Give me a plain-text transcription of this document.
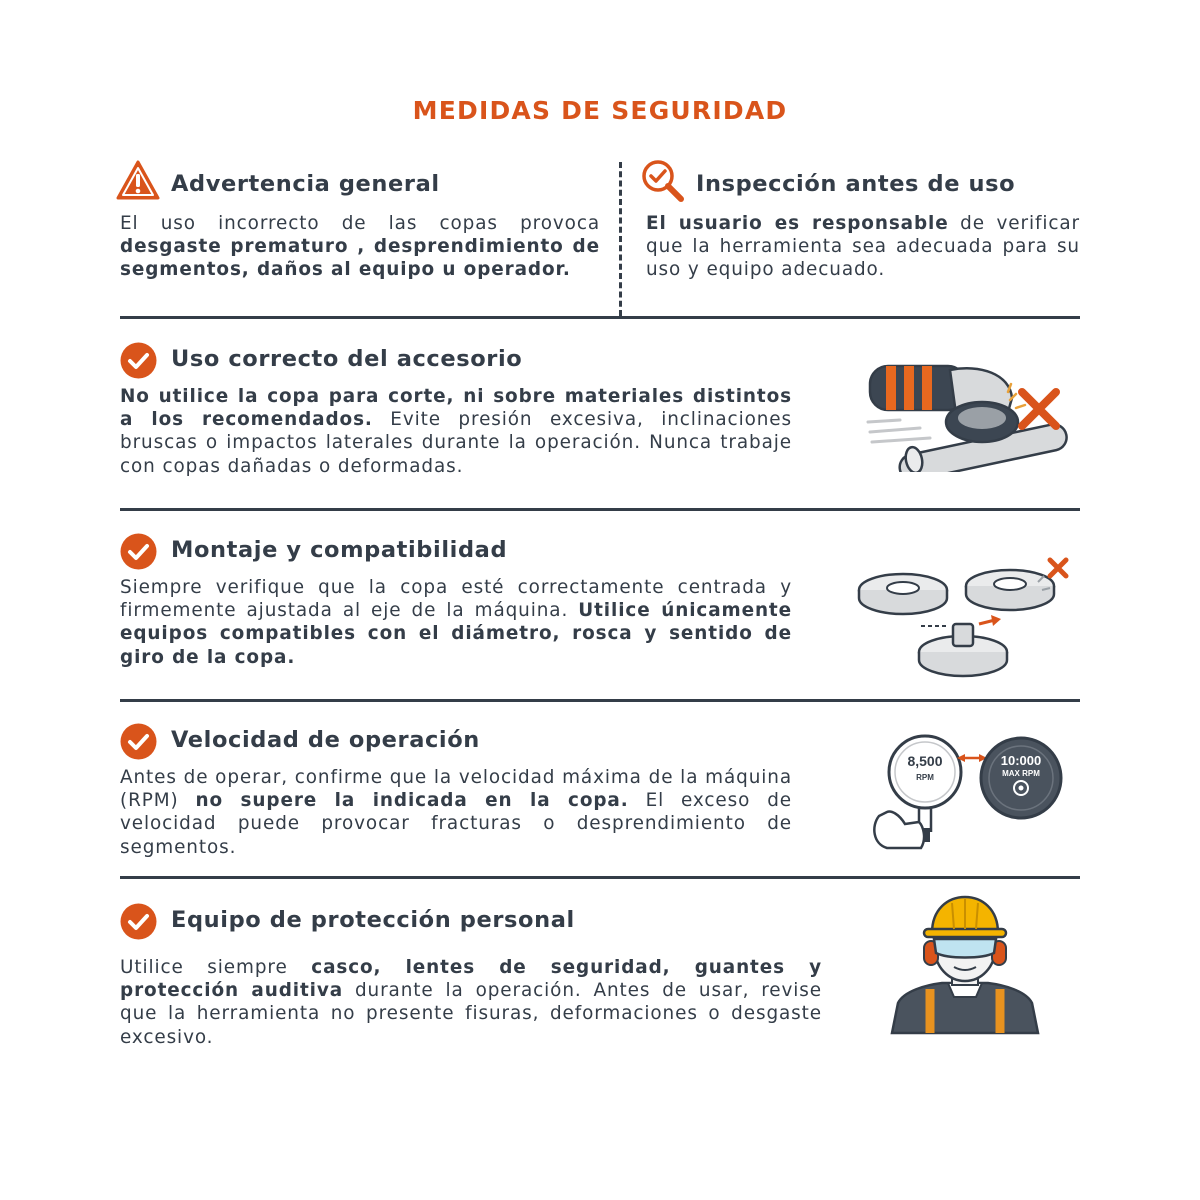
MEDIDAS DE SEGURIDAD
Advertencia general
El uso incorrecto de las copas provoca desgaste prematuro , desprendimiento de segmentos, daños al equipo u operador.
Inspección antes de uso
El usuario es responsable de verificar que la herramienta sea adecuada para su uso y equipo adecuado.
Uso correcto del accesorio
No utilice la copa para corte, ni sobre materiales distintos a los recomendados. Evite presión excesiva, inclinaciones bruscas o impactos laterales durante la operación. Nunca trabaje con copas dañadas o deformadas.
Montaje y compatibilidad
Siempre verifique que la copa esté correctamente centrada y firmemente ajustada al eje de la máquina. Utilice únicamente equipos compatibles con el diámetro, rosca y sentido de giro de la copa.
Velocidad de operación
Antes de operar, confirme que la velocidad máxima de la máquina (RPM) no supere la indicada en la copa. El exceso de velocidad puede provocar fracturas o desprendimiento de segmentos.
8,500
RPM
10:000
MAX RPM
Equipo de protección personal
Utilice siempre casco, lentes de seguridad, guantes y protección auditiva durante la operación. Antes de usar, revise que la herramienta no presente fisuras, deformaciones o desgaste excesivo.
